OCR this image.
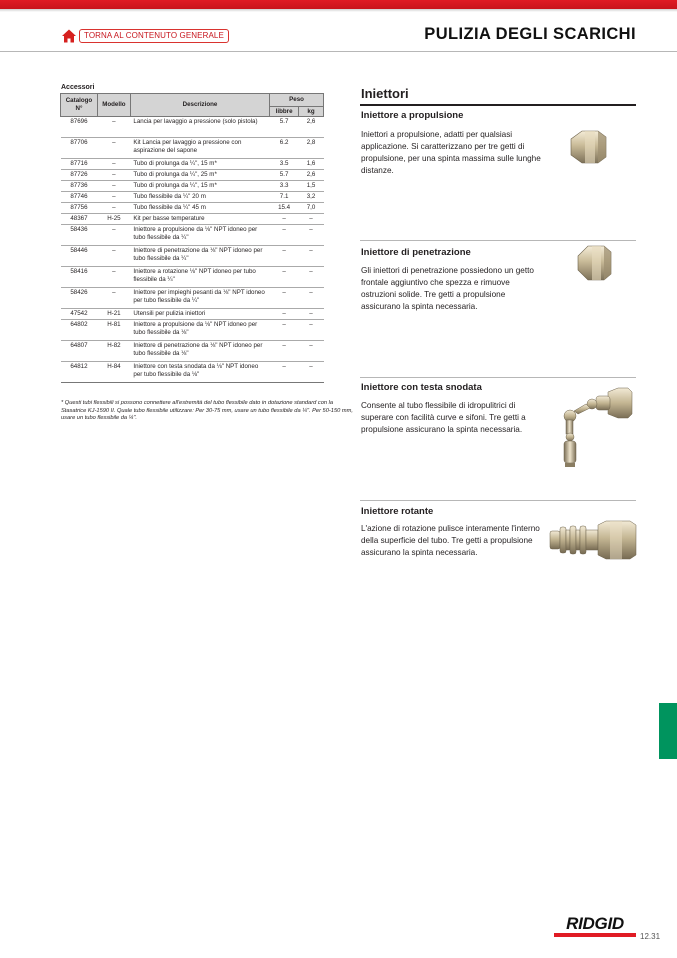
TORNA AL CONTENUTO GENERALE	PULIZIA DEGLI SCARICHI
Accessori
Catalogo N°	Modello	Descrizione	Peso	
			libbre	kg
87696	–	Lancia per lavaggio a pressione (solo pistola)	5.7	2,6
87706	–	Kit Lancia per lavaggio a pressione con aspirazione del sapone	6.2	2,8
87716	–	Tubo di prolunga da ¼", 15 m*	3.5	1,6
87726	–	Tubo di prolunga da ¼", 25 m*	5.7	2,6
87736	–	Tubo di prolunga da ¼", 15 m*	3.3	1,5
87746	–	Tubo flessibile da ¼" 20 m	7.1	3,2
87756	–	Tubo flessibile da ¼" 45 m	15.4	7,0
48367	H-25	Kit per basse temperature	–	–
58436	–	Iniettore a propulsione da ⅛" NPT idoneo per tubo flessibile da ¼"	–	–
58446	–	Iniettore di penetrazione da ⅛" NPT idoneo per tubo flessibile da ¼"	–	–
58416	–	Iniettore a rotazione ⅛" NPT idoneo per tubo flessibile da ¼"	–	–
58426	–	Iniettore per impieghi pesanti da ⅛" NPT idoneo per tubo flessibile da ¼"	–	–
47542	H-21	Utensili per pulizia iniettori	–	–
64802	H-81	Iniettore a propulsione da ⅛" NPT idoneo per tubo flessibile da ⅛"	–	–
64807	H-82	Iniettore di penetrazione da ⅛" NPT idoneo per tubo flessibile da ⅛"	–	–
64812	H-84	Iniettore con testa snodata da ⅛" NPT idoneo per tubo flessibile da ⅛"	–	–
* Questi tubi flessibili si possono connettere all'estremità del tubo flessibile dato in dotazione standard con la Stasatrice KJ-1590 II. Quale tubo flessibile utilizzare: Per 30-75 mm, usare un tubo flessibile da ¼". Per 50-150 mm, usare un tubo flessibile da ¼".
Iniettori
Iniettore a propulsione
Iniettori a propulsione, adatti per qualsiasi applicazione. Si caratterizzano per tre getti di propulsione, per una spinta massima sulle lunghe distanze.
Iniettore di penetrazione
Gli iniettori di penetrazione possiedono un getto frontale aggiuntivo che spezza e rimuove ostruzioni solide. Tre getti a propulsione assicurano la spinta necessaria.
Iniettore con testa snodata
Consente al tubo flessibile di idropulitrici di superare con facilità curve e sifoni. Tre getti a propulsione assicurano la spinta necessaria.
Iniettore rotante
L'azione di rotazione pulisce interamente l'interno della superficie del tubo. Tre getti a propulsione assicurano la spinta necessaria.
RIDGID
12.31
